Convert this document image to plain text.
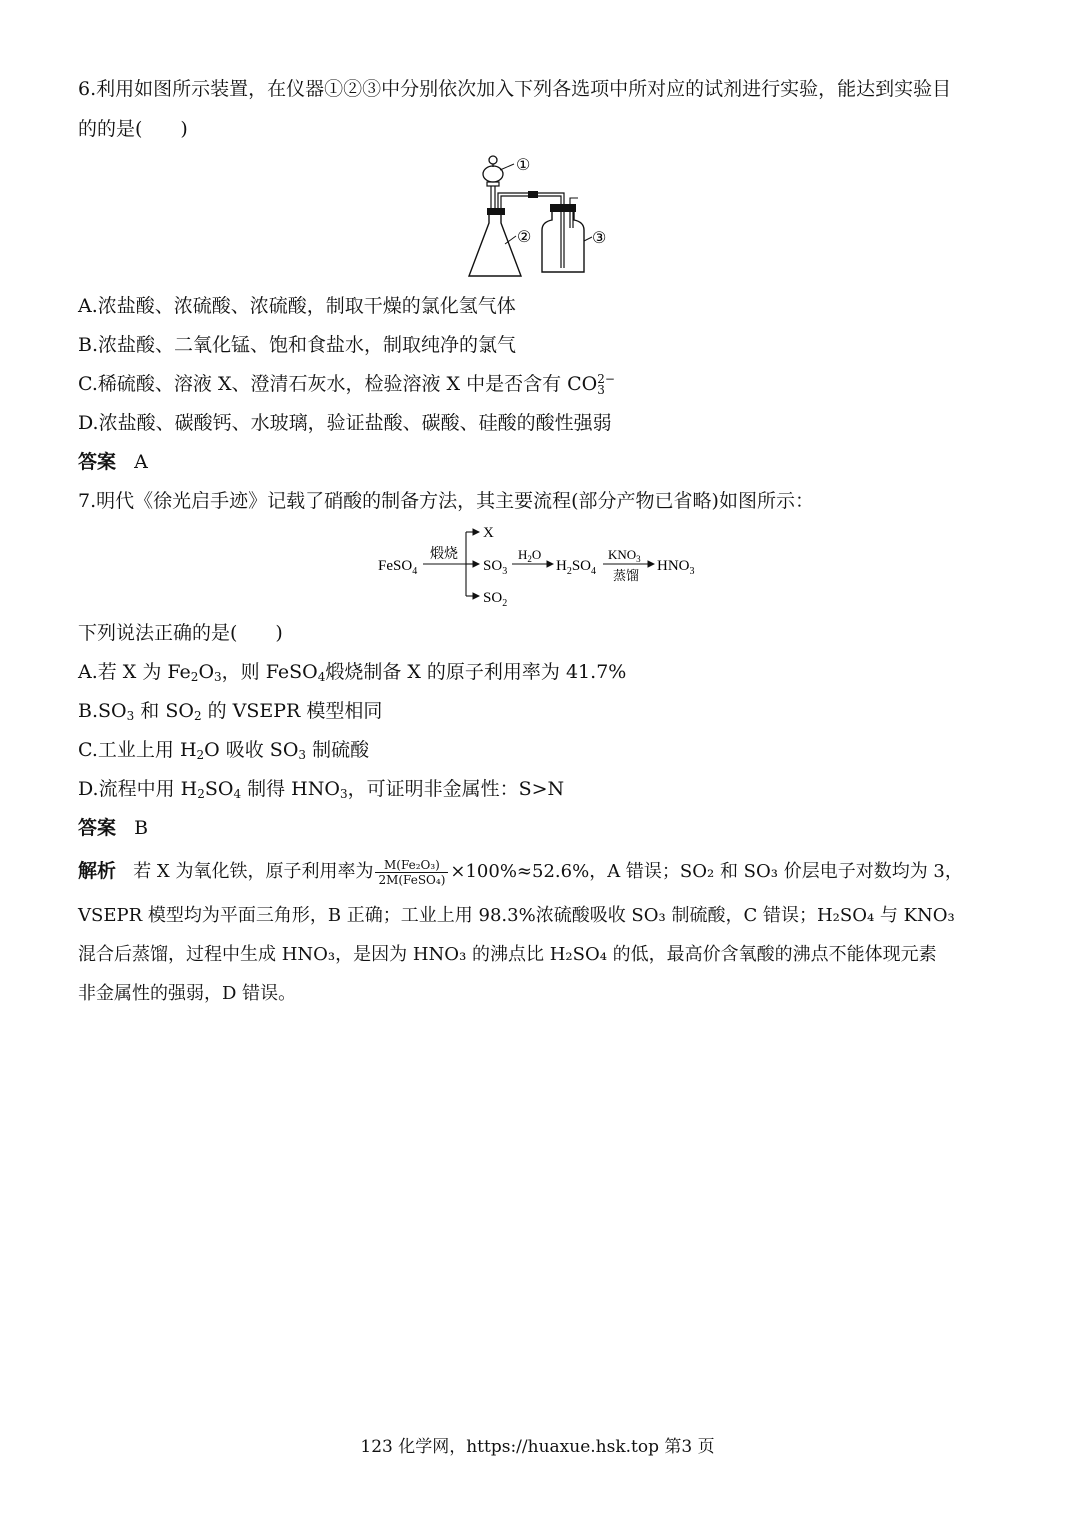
6.利用如图所示装置，在仪器①②③中分别依次加入下列各选项中所对应的试剂进行实验，能达到实验目
的的是(　　)
①
②	③
A.浓盐酸、浓硫酸、浓硫酸，制取干燥的氯化氢气体
B.浓盐酸、二氧化锰、饱和食盐水，制取纯净的氯气
C.稀硫酸、溶液 X、澄清石灰水，检验溶液 X 中是否含有 CO 2−
3
D.浓盐酸、碳酸钙、水玻璃，验证盐酸、碳酸、硅酸的酸性强弱
答案 A
7.明代《徐光启手迹》记载了硝酸的制备方法，其主要流程(部分产物已省略)如图所示：
FeSO$_4$
煅烧
X
$SO_3$
$SO_2$
$H_2O$
$H_2SO_4$
$KNO_3$
蒸馏
$HNO_3$
下列说法正确的是(　　)
A.若 X 为 $Fe_2O_3$，则 FeSO$_4$煅烧制备 X 的原子利用率为 41.7%
$B.SO_3$ 和 $SO_2$ 的 VSEPR 模型相同
C.工业上用 $H_2O$ 吸收 $SO_3$ 制硫酸
D.流程中用 $H_2SO_4$ 制得 $HNO_3$，可证明非金属性：S>N
答案 B
解析 若 X 为氧化铁，原子利用率为 $\frac{\text{M(Fe₂O₃)}}{\text{2M(FeSO₄)}} \times 100\%\approx 52.6\%$，A 错误；SO₂ 和 SO₃ 价层电子对数均为 3，
VSEPR 模型均为平面三角形，B 正确；工业上用 98.3%浓硫酸吸收 SO₃ 制硫酸，C 错误；H₂SO₄ 与 KNO₃
混合后蒸馏，过程中生成 HNO₃，是因为 HNO₃ 的沸点比 H₂SO₄ 的低，最高价含氧酸的沸点不能体现元素
非金属性的强弱，D 错误。
123 化学网，https://huaxue.hsk.top 第3 页
